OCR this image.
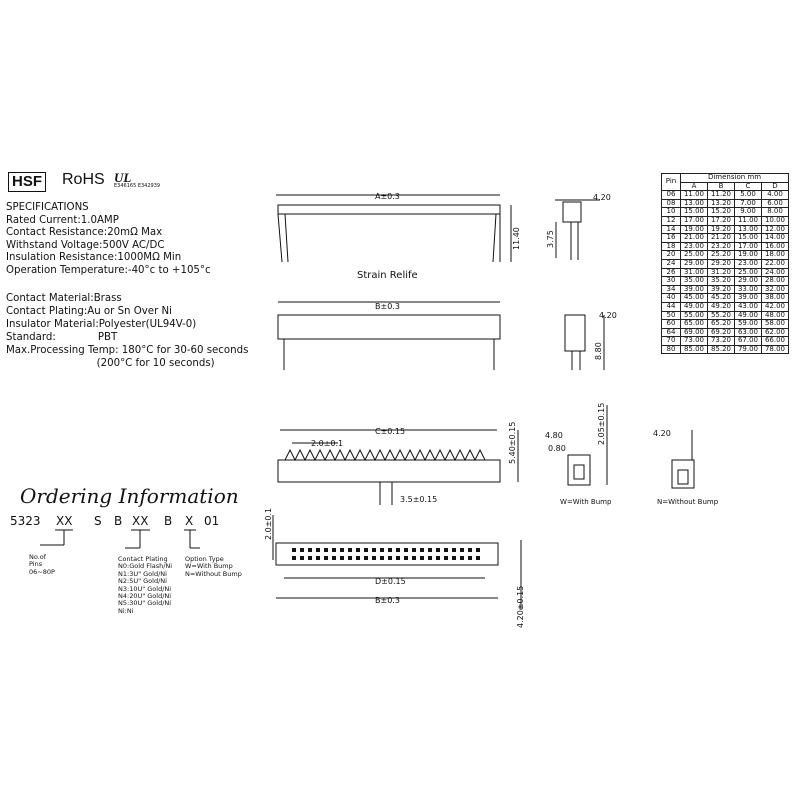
HSF RoHS UL
E346165 E342939
SPECIFICATIONS
Rated Current:1.0AMP
Contact Resistance:20mΩ Max
Withstand Voltage:500V AC/DC
Insulation Resistance:1000MΩ Min
Operation Temperature:-40°c to +105°c
Contact Material:Brass
Contact Plating:Au or Sn Over Ni
Insulator Material:Polyester(UL94V-0)
Standard:             PBT
Max.Processing Temp: 180°C for 30-60 seconds
(200°C for 10 seconds)
Ordering Information
5323 XX S B XX B X 01
No.of
Pins
06~80P
Contact Plating
N0:Gold Flash/Ni
N1:3U" Gold/Ni
N2:5U" Gold/Ni
N3:10U" Gold/Ni
N4:20U" Gold/Ni
N5:30U" Gold/Ni
Ni:Ni
Option Type
W=With Bump
N=Without Bump
A±0.3
11.40
4.20
3.75
Strain Relife
B±0.3
4.20
8.80
C±0.15
2.0±0.1	5.40±0.15
3.5±0.15
2.0±0.1
D±0.15
B±0.3	4.20±0.15
4.80
0.80
2.05±0.15
W=With Bump
4.20
N=Without Bump
Pin	Dimension mm			
	A	B	C	D
06	11.00	11.20	5.00	4.00
08	13.00	13.20	7.00	6.00
10	15.00	15.20	9.00	8.00
12	17.00	17.20	11.00	10.00
14	19.00	19.20	13.00	12.00
16	21.00	21.20	15.00	14.00
18	23.00	23.20	17.00	16.00
20	25.00	25.20	19.00	18.00
24	29.00	29.20	23.00	22.00
26	31.00	31.20	25.00	24.00
30	35.00	35.20	29.00	28.00
34	39.00	39.20	33.00	32.00
40	45.00	45.20	39.00	38.00
44	49.00	49.20	43.00	42.00
50	55.00	55.20	49.00	48.00
60	65.00	65.20	59.00	58.00
64	69.00	69.20	63.00	62.00
70	73.00	73.20	67.00	66.00
80	85.00	85.20	79.00	78.00
